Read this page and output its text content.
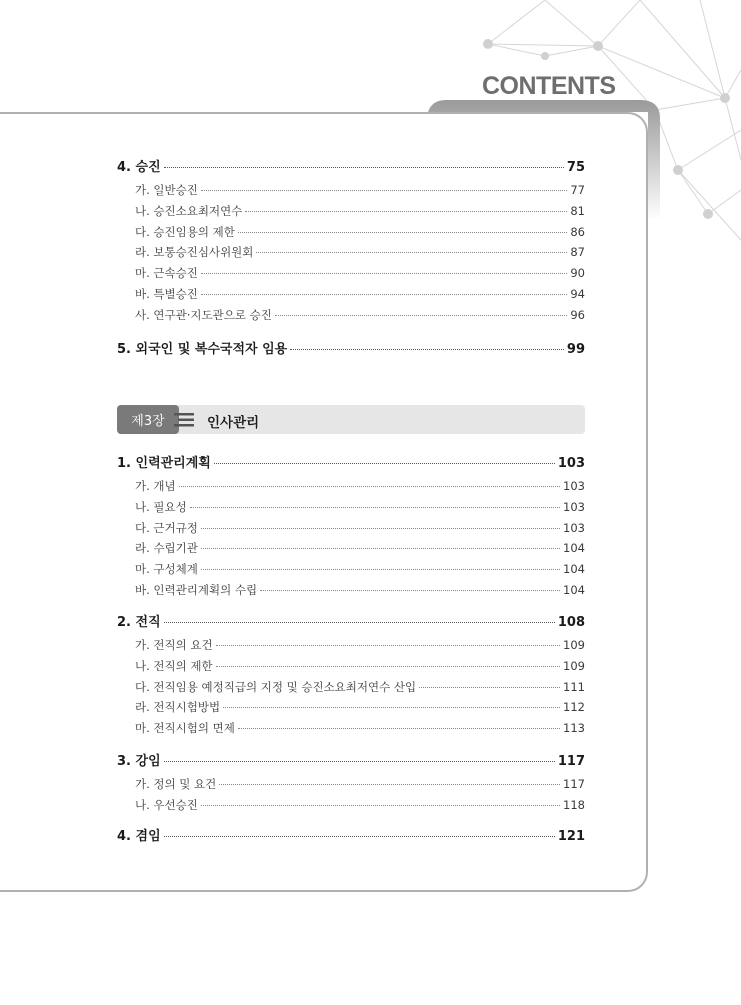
CONTENTS
4. 승진	75
가. 일반승진	77
나. 승진소요최저연수	81
다. 승진임용의 제한	86
라. 보통승진심사위원회	87
마. 근속승진	90
바. 특별승진	94
사. 연구관·지도관으로 승진	96
5. 외국인 및 복수국적자 임용	99
제3장	인사관리
1. 인력관리계획	103
가. 개념	103
나. 필요성	103
다. 근거규정	103
라. 수립기관	104
마. 구성체계	104
바. 인력관리계획의 수립	104
2. 전직	108
가. 전직의 요건	109
나. 전직의 제한	109
다. 전직임용 예정직급의 지정 및 승진소요최저연수 산입	111
라. 전직시험방법	112
마. 전직시험의 면제	113
3. 강임	117
가. 정의 및 요건	117
나. 우선승진	118
4. 겸임	121
